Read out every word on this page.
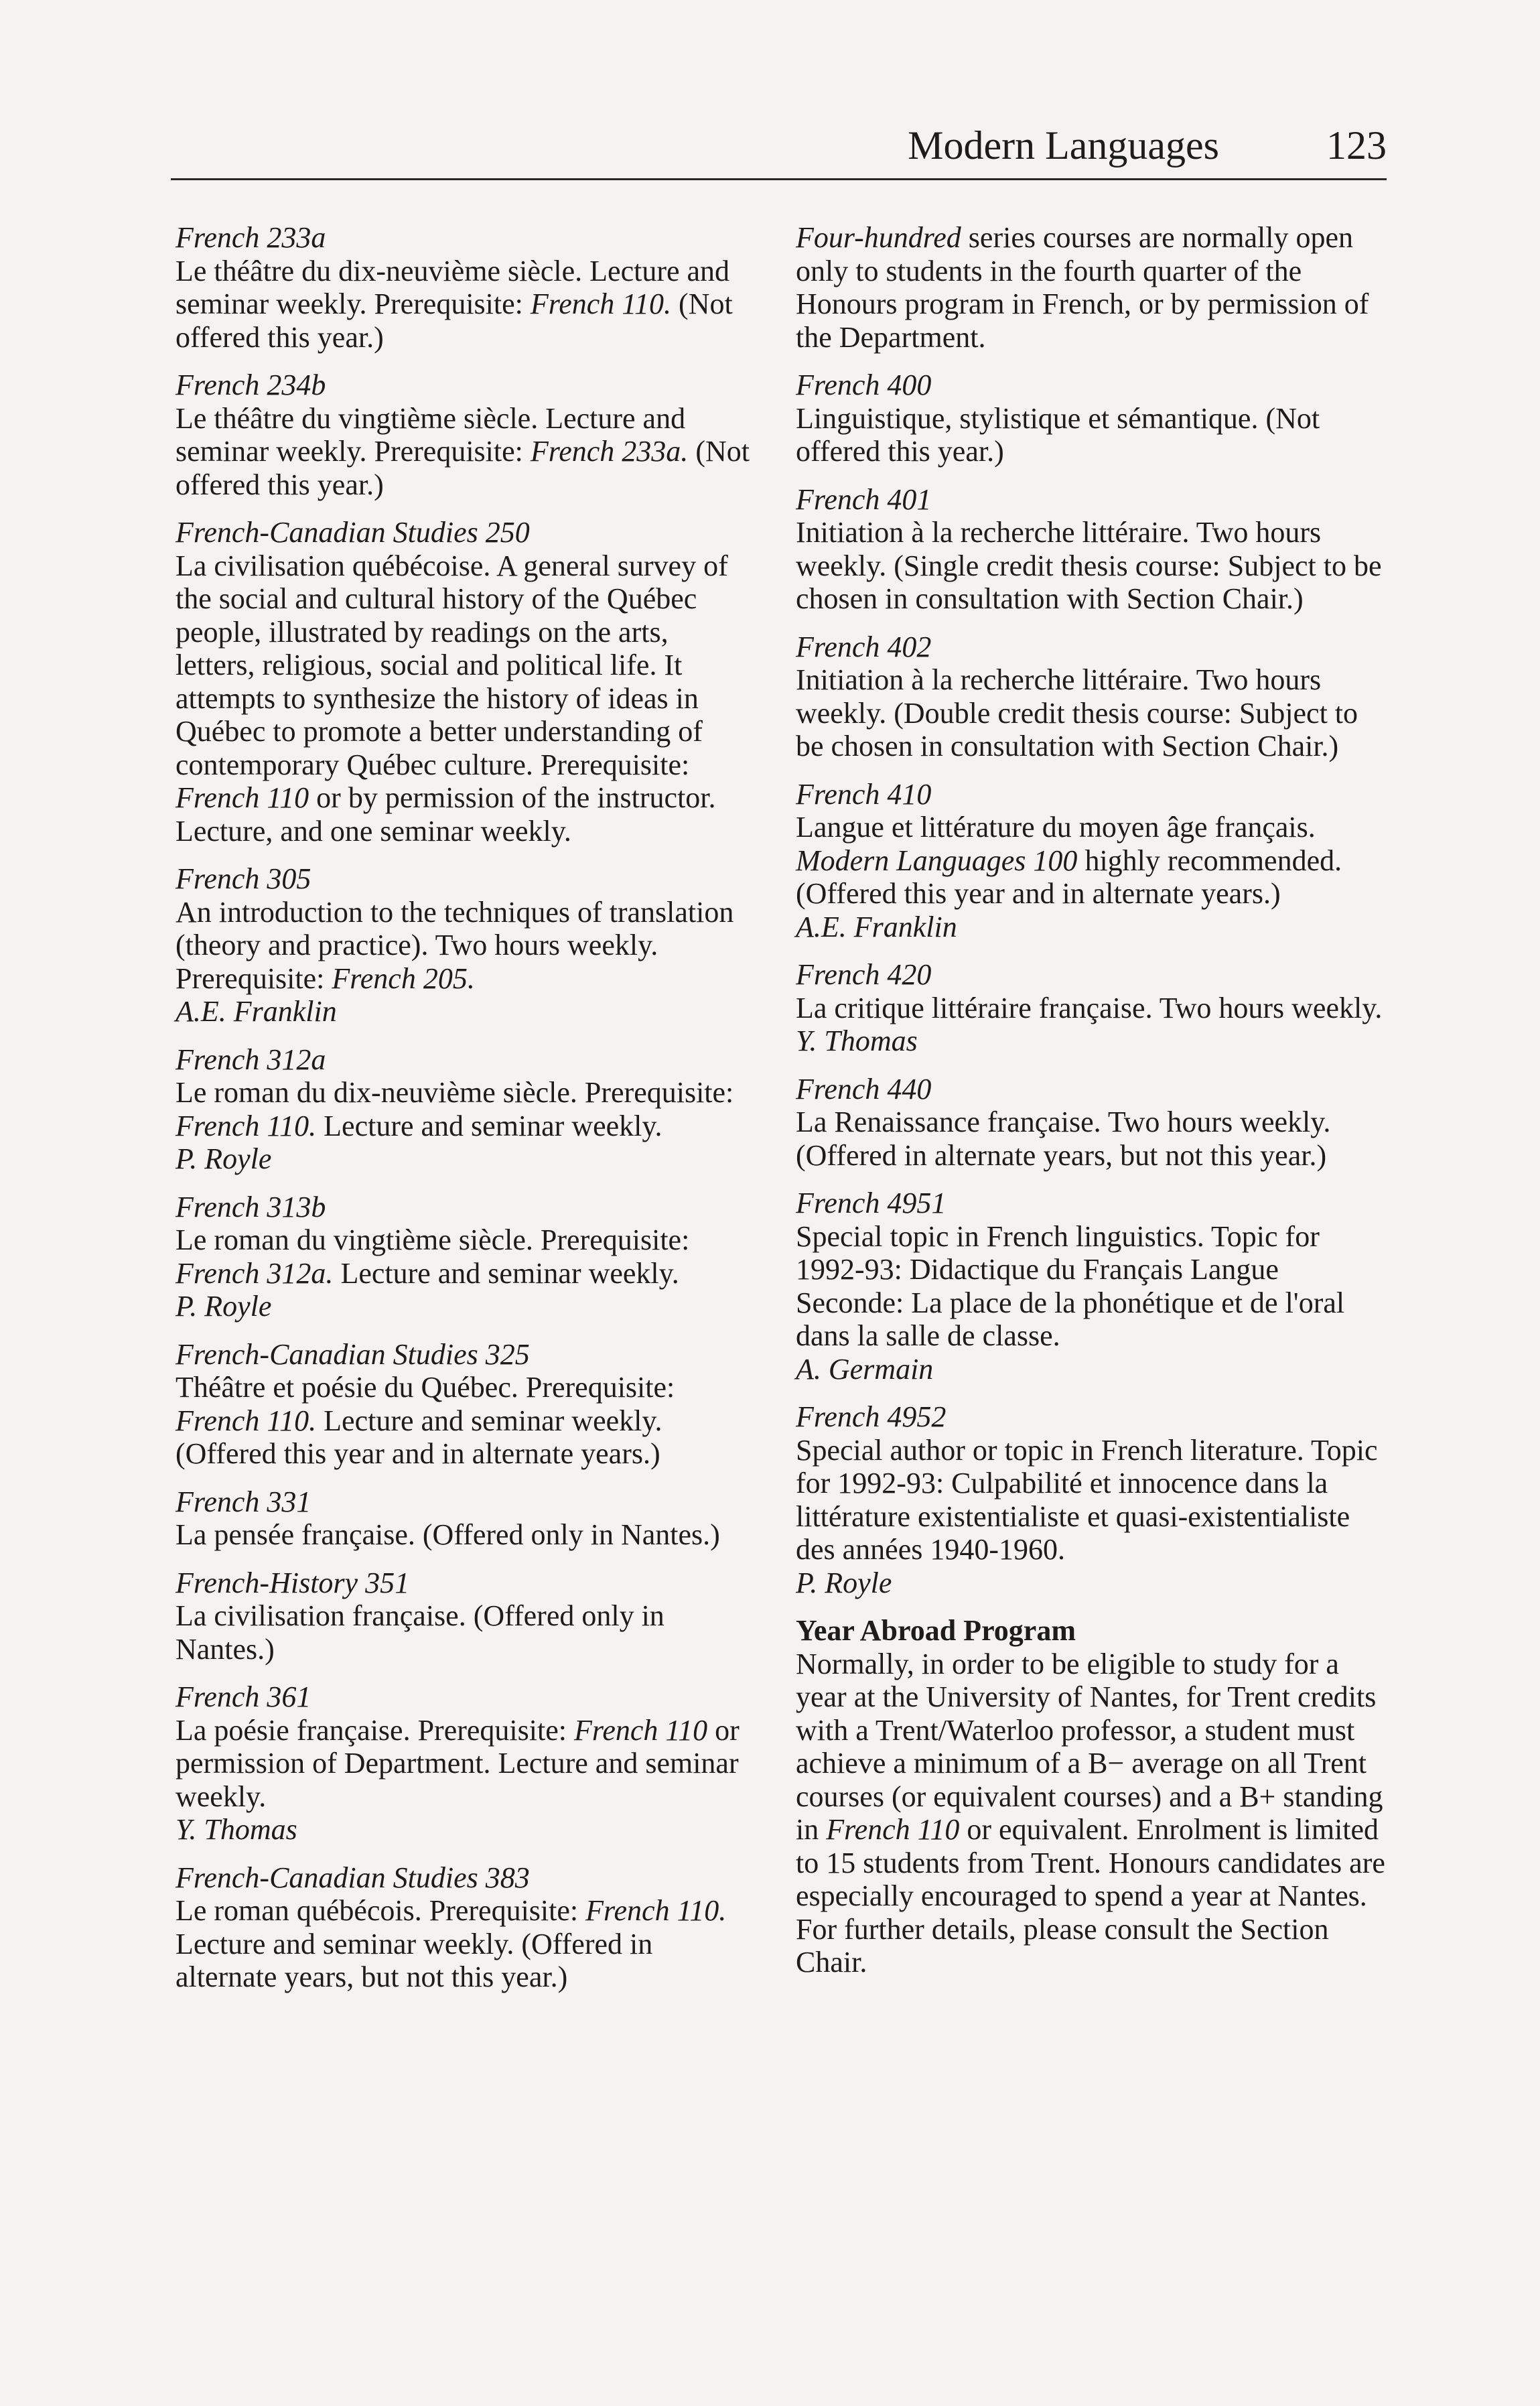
Modern Languages	123
French 233a

Le théâtre du dix-neuvième siècle. Lecture and seminar weekly. Prerequisite: French 110. (Not offered this year.)

French 234b

Le théâtre du vingtième siècle. Lecture and seminar weekly. Prerequisite: French 233a. (Not offered this year.)

French-Canadian Studies 250

La civilisation québécoise. A general survey of the social and cultural history of the Québec people, illustrated by readings on the arts, letters, religious, social and political life. It attempts to synthesize the history of ideas in Québec to promote a better understanding of contemporary Québec culture. Prerequisite: French 110 or by permission of the instructor. Lecture, and one seminar weekly.

French 305

An introduction to the techniques of translation (theory and practice). Two hours weekly. Prerequisite: French 205.

A.E. Franklin
French 312a

Le roman du dix-neuvième siècle. Prerequisite: French 110. Lecture and seminar weekly.

P. Royle
French 313b

Le roman du vingtième siècle. Prerequisite: French 312a. Lecture and seminar weekly.

P. Royle
French-Canadian Studies 325

Théâtre et poésie du Québec. Prerequisite: French 110. Lecture and seminar weekly. (Offered this year and in alternate years.)

French 331

La pensée française. (Offered only in Nantes.)

French-History 351

La civilisation française. (Offered only in Nantes.)

French 361

La poésie française. Prerequisite: French 110 or permission of Department. Lecture and seminar weekly.

Y. Thomas
French-Canadian Studies 383

Le roman québécois. Prerequisite: French 110. Lecture and seminar weekly. (Offered in alternate years, but not this year.)

Four-hundred series courses are normally open only to students in the fourth quarter of the Honours program in French, or by permission of the Department.

French 400

Linguistique, stylistique et sémantique. (Not offered this year.)

French 401

Initiation à la recherche littéraire. Two hours weekly. (Single credit thesis course: Subject to be chosen in consultation with Section Chair.)

French 402

Initiation à la recherche littéraire. Two hours weekly. (Double credit thesis course: Subject to be chosen in consultation with Section Chair.)

French 410

Langue et littérature du moyen âge français. Modern Languages 100 highly recommended. (Offered this year and in alternate years.)

A.E. Franklin
French 420

La critique littéraire française. Two hours weekly.

Y. Thomas
French 440

La Renaissance française. Two hours weekly. (Offered in alternate years, but not this year.)

French 4951

Special topic in French linguistics. Topic for 1992-93: Didactique du Français Langue Seconde: La place de la phonétique et de l'oral dans la salle de classe.

A. Germain
French 4952

Special author or topic in French literature. Topic for 1992-93: Culpabilité et innocence dans la littérature existentialiste et quasi-existentialiste des années 1940-1960.

P. Royle
Year Abroad Program

Normally, in order to be eligible to study for a year at the University of Nantes, for Trent credits with a Trent/Waterloo professor, a student must achieve a minimum of a B− average on all Trent courses (or equivalent courses) and a B+ standing in French 110 or equivalent. Enrolment is limited to 15 students from Trent. Honours candidates are especially encouraged to spend a year at Nantes. For further details, please consult the Section Chair.
